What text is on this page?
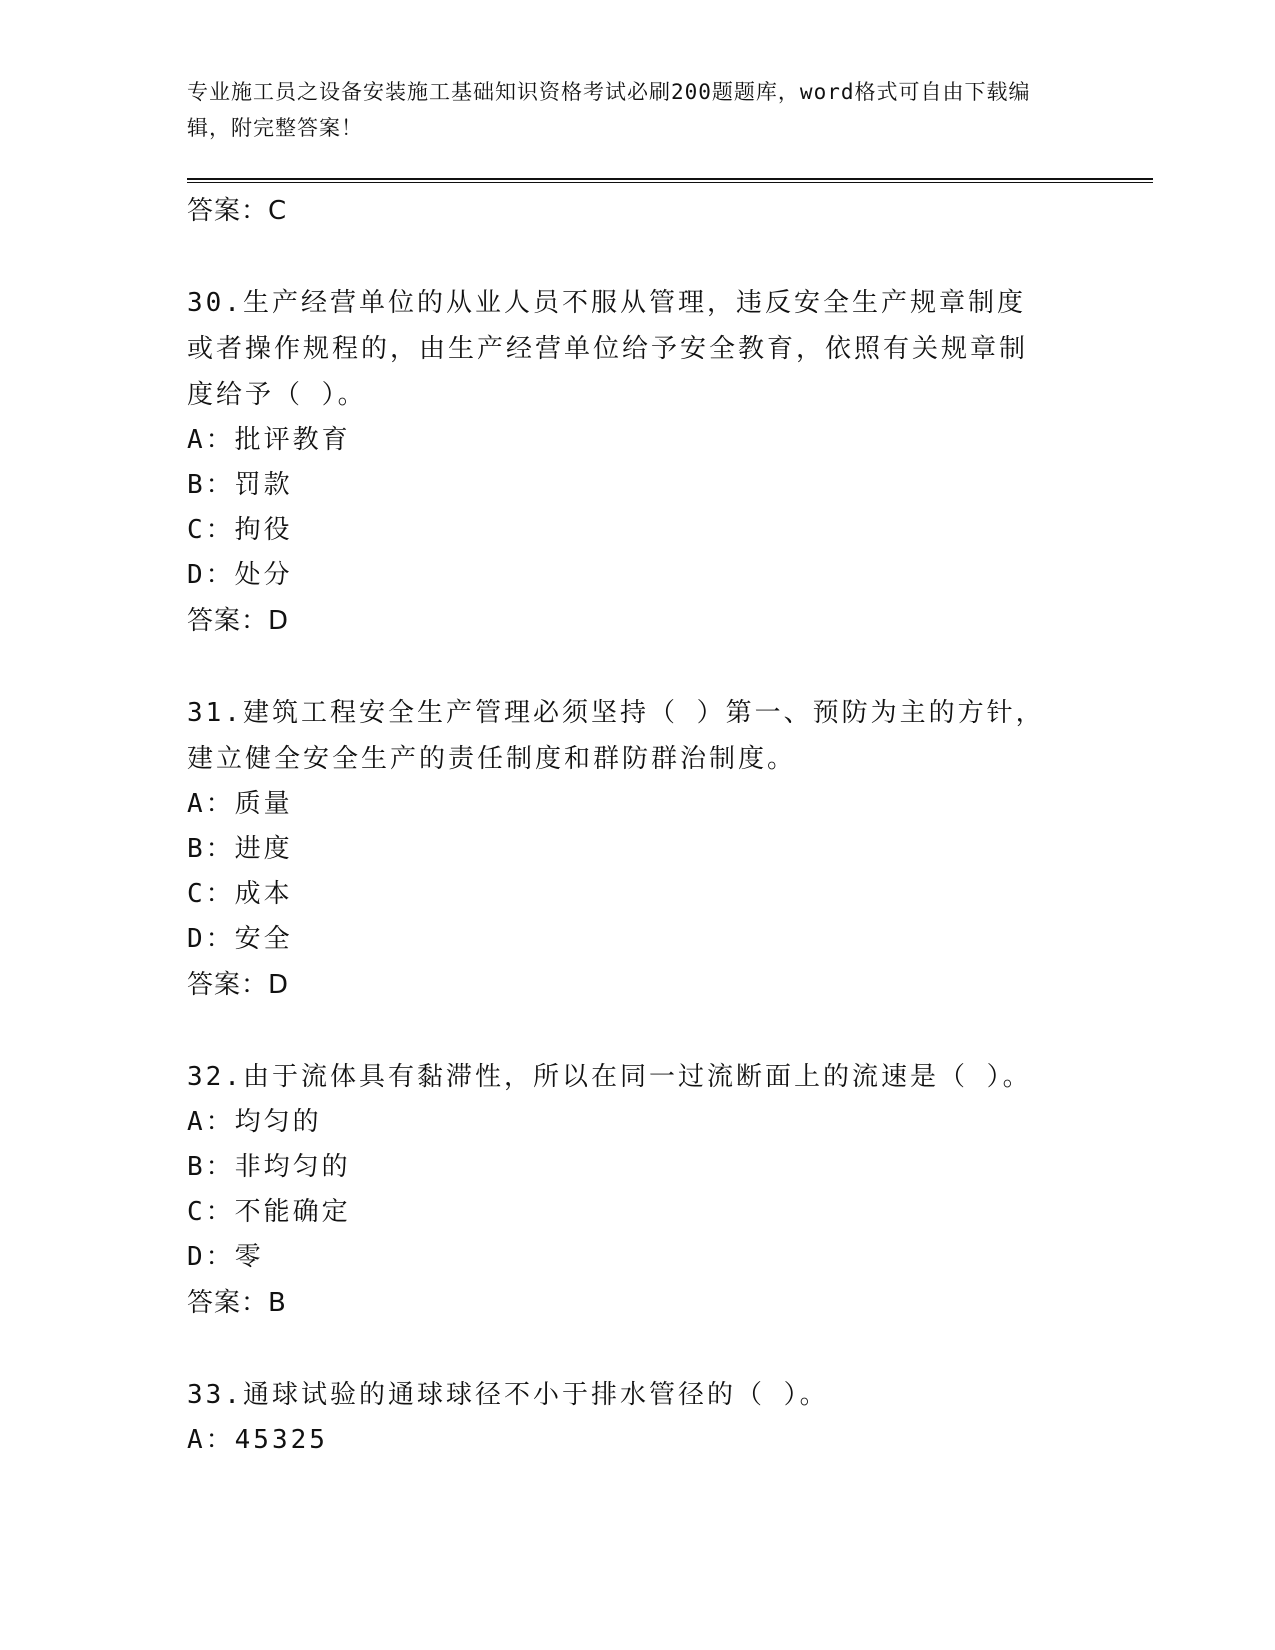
专业施工员之设备安装施工基础知识资格考试必刷200题题库，word格式可自由下载编辑，附完整答案！
答案：C
30.生产经营单位的从业人员不服从管理，违反安全生产规章制度或者操作规程的，由生产经营单位给予安全教育，依照有关规章制度给予（ ）。
A：批评教育
B：罚款
C：拘役
D：处分
答案：D
31.建筑工程安全生产管理必须坚持（ ）第一、预防为主的方针，建立健全安全生产的责任制度和群防群治制度。
A：质量
B：进度
C：成本
D：安全
答案：D
32.由于流体具有黏滞性，所以在同一过流断面上的流速是（ ）。
A：均匀的
B：非均匀的
C：不能确定
D：零
答案：B
33.通球试验的通球球径不小于排水管径的（ ）。
A：45325
